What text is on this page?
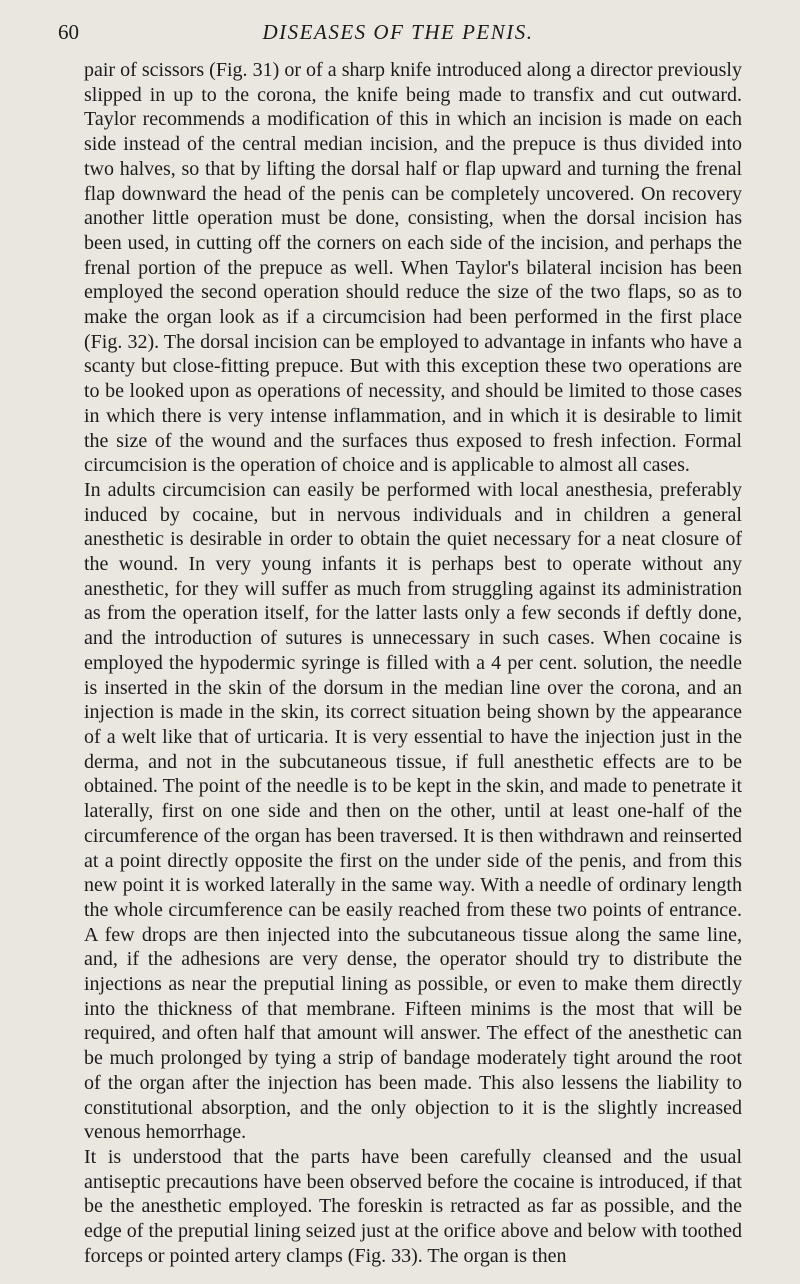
60	DISEASES OF THE PENIS.

pair of scissors (Fig. 31) or of a sharp knife introduced along a director previously slipped in up to the corona, the knife being made to transfix and cut outward. Taylor recommends a modification of this in which an incision is made on each side instead of the central median incision, and the prepuce is thus divided into two halves, so that by lifting the dorsal half or flap upward and turning the frenal flap downward the head of the penis can be completely uncovered. On recovery another little operation must be done, consisting, when the dorsal incision has been used, in cutting off the corners on each side of the incision, and perhaps the frenal portion of the prepuce as well. When Taylor's bilateral incision has been employed the second operation should reduce the size of the two flaps, so as to make the organ look as if a circumcision had been performed in the first place (Fig. 32). The dorsal incision can be employed to advantage in infants who have a scanty but close-fitting prepuce. But with this exception these two operations are to be looked upon as operations of necessity, and should be limited to those cases in which there is very intense inflammation, and in which it is desirable to limit the size of the wound and the surfaces thus exposed to fresh infection. Formal circumcision is the operation of choice and is applicable to almost all cases.

In adults circumcision can easily be performed with local anesthesia, preferably induced by cocaine, but in nervous individuals and in children a general anesthetic is desirable in order to obtain the quiet necessary for a neat closure of the wound. In very young infants it is perhaps best to operate without any anesthetic, for they will suffer as much from struggling against its administration as from the operation itself, for the latter lasts only a few seconds if deftly done, and the introduction of sutures is unnecessary in such cases. When cocaine is employed the hypodermic syringe is filled with a 4 per cent. solution, the needle is inserted in the skin of the dorsum in the median line over the corona, and an injection is made in the skin, its correct situation being shown by the appearance of a welt like that of urticaria. It is very essential to have the injection just in the derma, and not in the subcutaneous tissue, if full anesthetic effects are to be obtained. The point of the needle is to be kept in the skin, and made to penetrate it laterally, first on one side and then on the other, until at least one-half of the circumference of the organ has been traversed. It is then withdrawn and reinserted at a point directly opposite the first on the under side of the penis, and from this new point it is worked laterally in the same way. With a needle of ordinary length the whole circumference can be easily reached from these two points of entrance. A few drops are then injected into the subcutaneous tissue along the same line, and, if the adhesions are very dense, the operator should try to distribute the injections as near the preputial lining as possible, or even to make them directly into the thickness of that membrane. Fifteen minims is the most that will be required, and often half that amount will answer. The effect of the anesthetic can be much prolonged by tying a strip of bandage moderately tight around the root of the organ after the injection has been made. This also lessens the liability to constitutional absorption, and the only objection to it is the slightly increased venous hemorrhage.

It is understood that the parts have been carefully cleansed and the usual antiseptic precautions have been observed before the cocaine is introduced, if that be the anesthetic employed. The foreskin is retracted as far as possible, and the edge of the preputial lining seized just at the orifice above and below with toothed forceps or pointed artery clamps (Fig. 33). The organ is then
